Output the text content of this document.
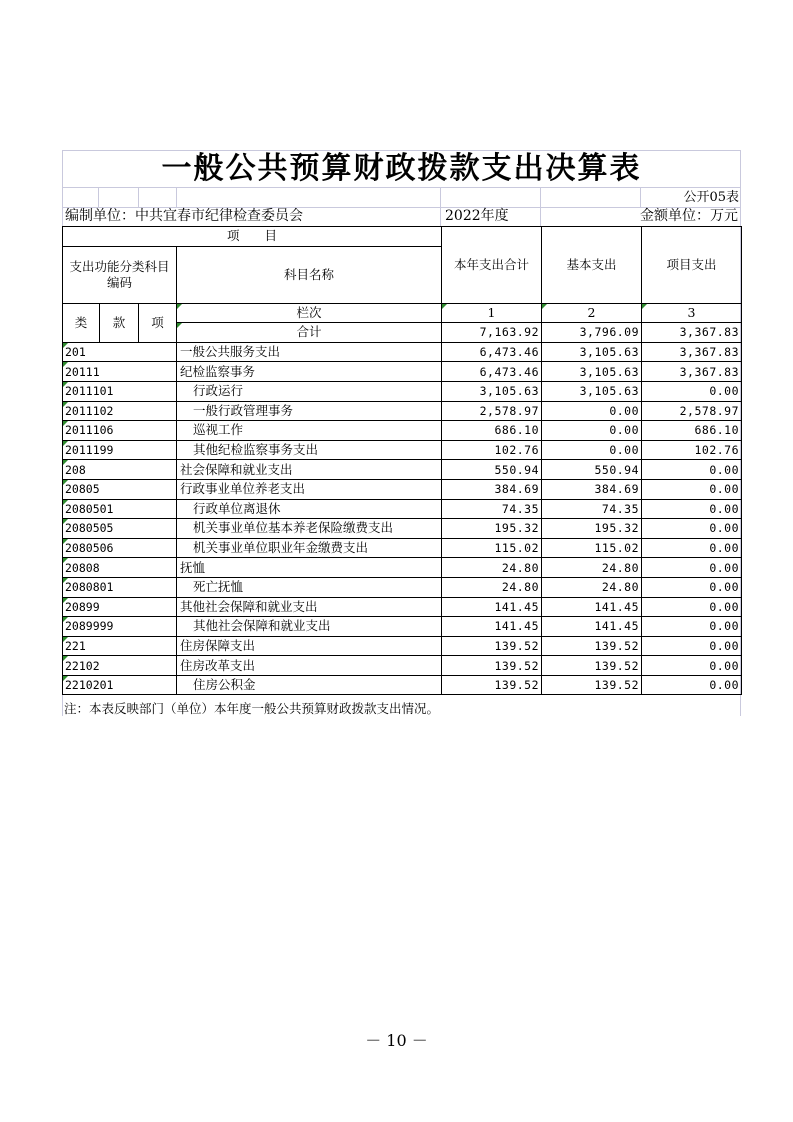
一般公共预算财政拨款支出决算表
公开05表
编制单位：中共宜春市纪律检查委员会	2022年度	金额单位：万元
项　　目				本年支出合计	基本支出	项目支出
支出功能分类科目编码			科目名称			

类	款	项	栏次	1	2	3
			合计	7,163.92	3,796.09	3,367.83
201			一般公共服务支出	6,473.46	3,105.63	3,367.83
20111			纪检监察事务	6,473.46	3,105.63	3,367.83
2011101			行政运行	3,105.63	3,105.63	0.00
2011102			一般行政管理事务	2,578.97	0.00	2,578.97
2011106			巡视工作	686.10	0.00	686.10
2011199			其他纪检监察事务支出	102.76	0.00	102.76
208			社会保障和就业支出	550.94	550.94	0.00
20805			行政事业单位养老支出	384.69	384.69	0.00
2080501			行政单位离退休	74.35	74.35	0.00
2080505			机关事业单位基本养老保险缴费支出	195.32	195.32	0.00
2080506			机关事业单位职业年金缴费支出	115.02	115.02	0.00
20808			抚恤	24.80	24.80	0.00
2080801			死亡抚恤	24.80	24.80	0.00
20899			其他社会保障和就业支出	141.45	141.45	0.00
2089999			其他社会保障和就业支出	141.45	141.45	0.00
221			住房保障支出	139.52	139.52	0.00
22102			住房改革支出	139.52	139.52	0.00
2210201			住房公积金	139.52	139.52	0.00
注：本表反映部门（单位）本年度一般公共预算财政拨款支出情况。
－ 10 －
